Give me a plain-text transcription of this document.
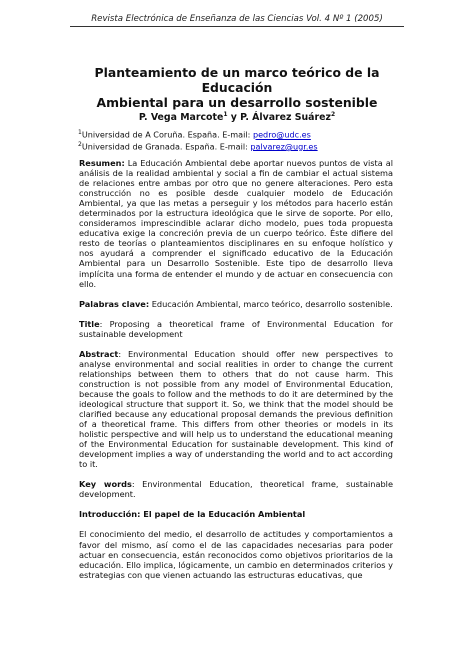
Revista Electrónica de Enseñanza de las Ciencias Vol. 4 Nº 1 (2005)
Planteamiento de un marco teórico de la Educación
Ambiental para un desarrollo sostenible
P. Vega Marcote$^1$ y P. Álvarez Suárez$^2$
$^1$Universidad de A Coruña. España. E-mail: pedro@udc.es
$^2$Universidad de Granada. España. E-mail: palvarez@ugr.es

Resumen: La Educación Ambiental debe aportar nuevos puntos de vista al análisis de la realidad ambiental y social a fin de cambiar el actual sistema de relaciones entre ambas por otro que no genere alteraciones. Pero esta construcción no es posible desde cualquier modelo de Educación Ambiental, ya que las metas a perseguir y los métodos para hacerlo están determinados por la estructura ideológica que le sirve de soporte. Por ello, consideramos imprescindible aclarar dicho modelo, pues toda propuesta educativa exige la concreción previa de un cuerpo teórico. Éste difiere del resto de teorías o planteamientos disciplinares en su enfoque holístico y nos ayudará a comprender el significado educativo de la Educación Ambiental para un Desarrollo Sostenible. Este tipo de desarrollo lleva implícita una forma de entender el mundo y de actuar en consecuencia con ello.

Palabras clave: Educación Ambiental, marco teórico, desarrollo sostenible.

Title: Proposing a theoretical frame of Environmental Education for sustainable development

Abstract: Environmental Education should offer new perspectives to analyse environmental and social realities in order to change the current relationships between them to others that do not cause harm. This construction is not possible from any model of Environmental Education, because the goals to follow and the methods to do it are determined by the ideological structure that support it. So, we think that the model should be clarified because any educational proposal demands the previous definition of a theoretical frame. This differs from other theories or models in its holistic perspective and will help us to understand the educational meaning of the Environmental Education for sustainable development. This kind of development implies a way of understanding the world and to act according to it.

Key words: Environmental Education, theoretical frame, sustainable development.

Introducción: El papel de la Educación Ambiental

El conocimiento del medio, el desarrollo de actitudes y comportamientos a favor del mismo, así como el de las capacidades necesarias para poder actuar en consecuencia, están reconocidos como objetivos prioritarios de la educación. Ello implica, lógicamente, un cambio en determinados criterios y estrategias con que vienen actuando las estructuras educativas, que
